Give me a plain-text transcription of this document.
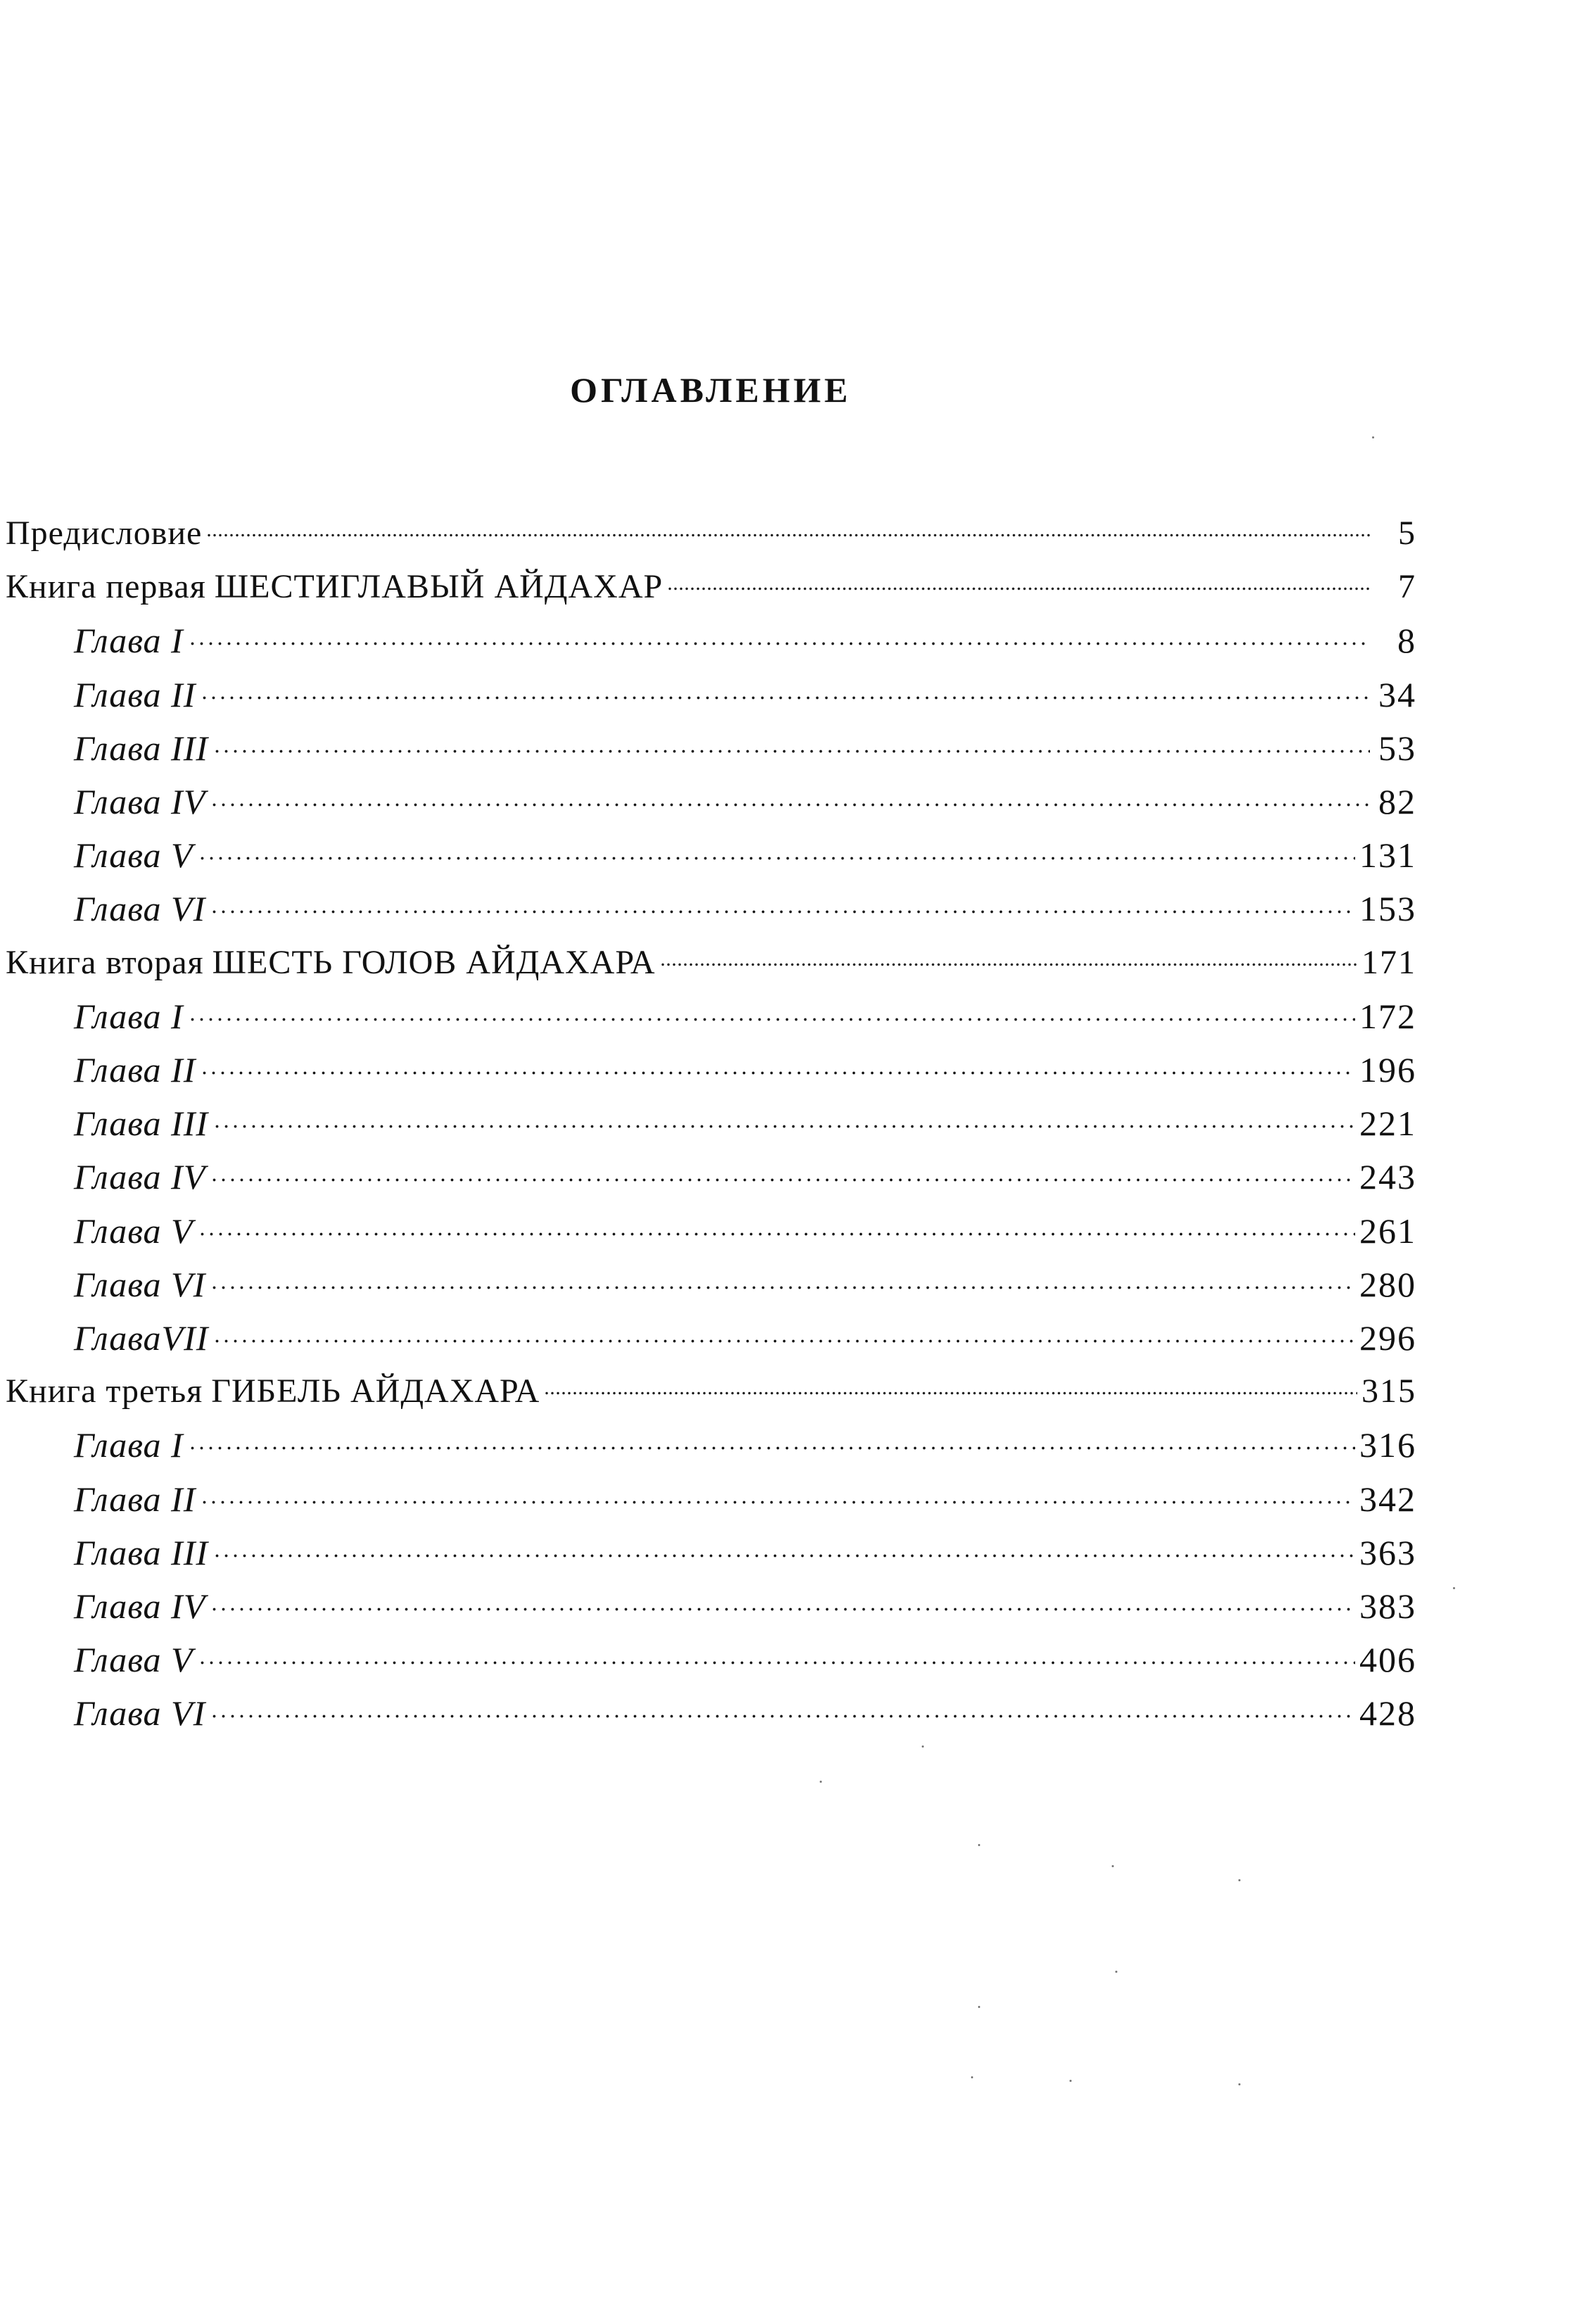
ОГЛАВЛЕНИЕ
Предисловие	5
Книга первая ШЕСТИГЛАВЫЙ АЙДАХАР	7
Глава I	8
Глава II	34
Глава III	53
Глава IV	82
Глава V	131
Глава VI	153
Книга вторая ШЕСТЬ ГОЛОВ АЙДАХАРА	171
Глава I	172
Глава II	196
Глава III	221
Глава IV	243
Глава V	261
Глава VI	280
ГлаваVII	296
Книга третья ГИБЕЛЬ АЙДАХАРА	315
Глава I	316
Глава II	342
Глава III	363
Глава IV	383
Глава V	406
Глава VI	428
